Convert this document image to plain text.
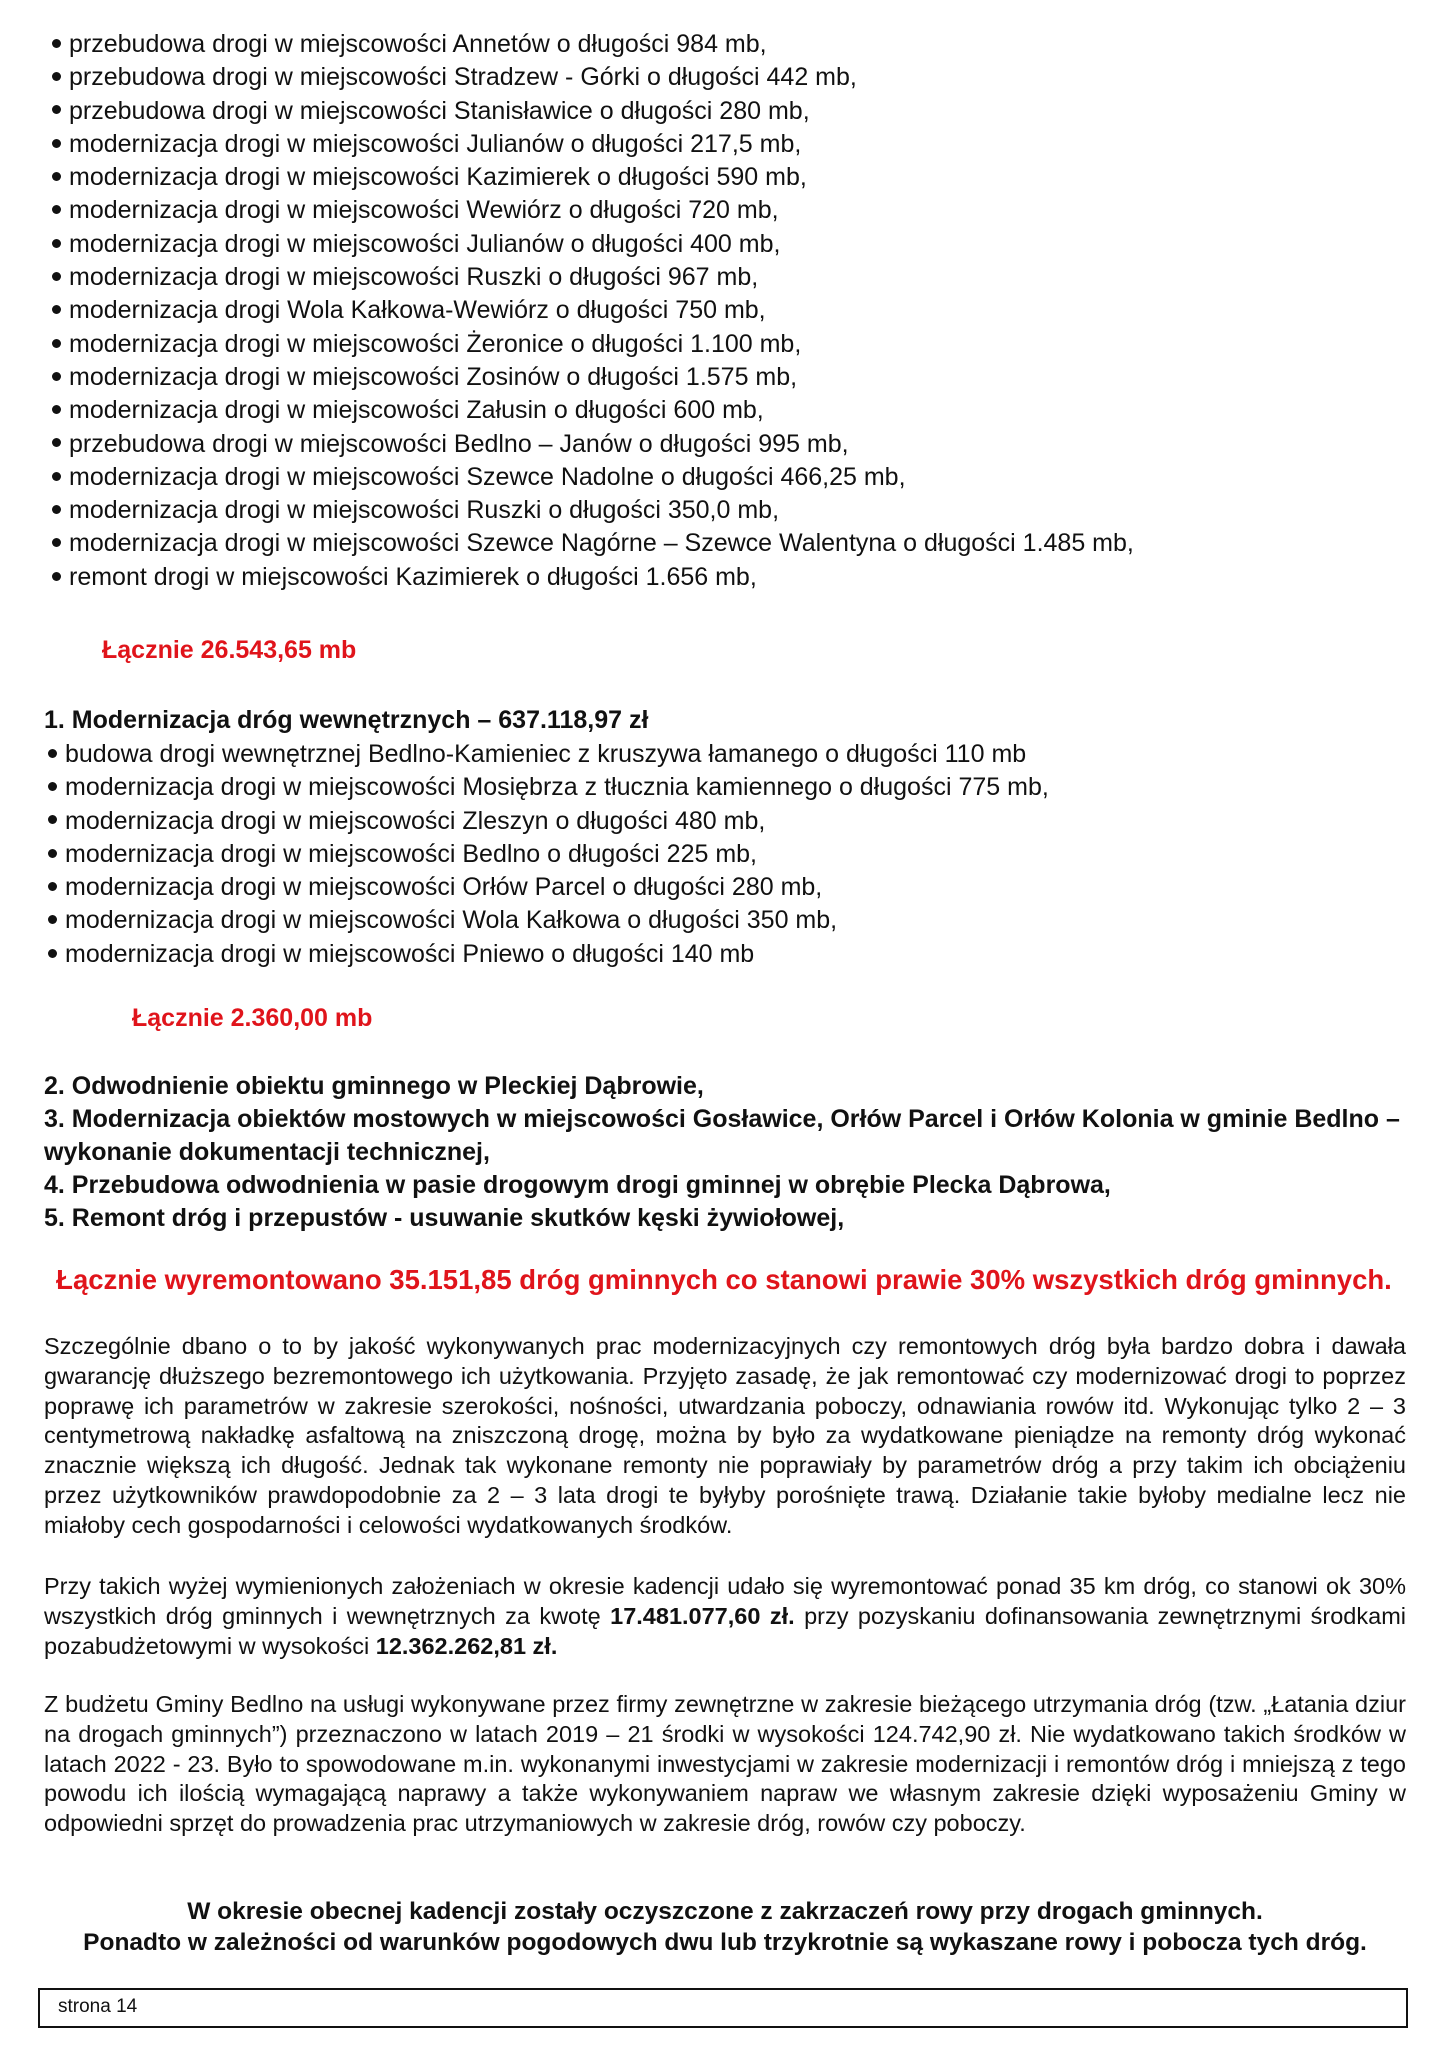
przebudowa drogi w miejscowości Annetów o długości 984 mb,
przebudowa drogi w miejscowości Stradzew - Górki o długości 442 mb,
przebudowa drogi w miejscowości Stanisławice o długości 280 mb,
modernizacja drogi w miejscowości Julianów o długości 217,5 mb,
modernizacja drogi w miejscowości Kazimierek o długości 590 mb,
modernizacja drogi w miejscowości Wewiórz o długości 720 mb,
modernizacja drogi w miejscowości Julianów o długości 400 mb,
modernizacja drogi w miejscowości Ruszki o długości 967 mb,
modernizacja drogi Wola Kałkowa-Wewiórz o długości 750 mb,
modernizacja drogi w miejscowości Żeronice o długości 1.100 mb,
modernizacja drogi w miejscowości Zosinów o długości 1.575 mb,
modernizacja drogi w miejscowości Załusin o długości 600 mb,
przebudowa drogi w miejscowości Bedlno – Janów o długości 995 mb,
modernizacja drogi w miejscowości Szewce Nadolne o długości 466,25 mb,
modernizacja drogi w miejscowości Ruszki o długości 350,0 mb,
modernizacja drogi w miejscowości Szewce Nagórne – Szewce Walentyna o długości 1.485 mb,
remont drogi w miejscowości Kazimierek o długości 1.656 mb,
Łącznie 26.543,65 mb
1. Modernizacja dróg wewnętrznych – 637.118,97 zł
budowa drogi wewnętrznej Bedlno-Kamieniec z kruszywa łamanego o długości 110 mb
modernizacja drogi w miejscowości Mosiębrza z tłucznia kamiennego o długości 775 mb,
modernizacja drogi w miejscowości Zleszyn o długości 480 mb,
modernizacja drogi w miejscowości Bedlno o długości 225 mb,
modernizacja drogi w miejscowości Orłów Parcel o długości 280 mb,
modernizacja drogi w miejscowości Wola Kałkowa o długości 350 mb,
modernizacja drogi w miejscowości Pniewo o długości 140 mb
Łącznie 2.360,00 mb
2. Odwodnienie obiektu gminnego w Pleckiej Dąbrowie,
3. Modernizacja obiektów mostowych w miejscowości Gosławice, Orłów Parcel i Orłów Kolonia w gminie Bedlno – wykonanie dokumentacji technicznej,
4. Przebudowa odwodnienia w pasie drogowym drogi gminnej w obrębie Plecka Dąbrowa,
5. Remont dróg i przepustów - usuwanie skutków kęski żywiołowej,
Łącznie wyremontowano 35.151,85 dróg gminnych co stanowi prawie 30% wszystkich dróg gminnych.

Szczególnie dbano o to by jakość wykonywanych prac modernizacyjnych czy remontowych dróg była bardzo dobra i dawała gwarancję dłuższego bezremontowego ich użytkowania. Przyjęto zasadę, że jak remontować czy modernizować drogi to poprzez poprawę ich parametrów w zakresie szerokości, nośności, utwardzania poboczy, odnawiania rowów itd. Wykonując tylko 2 – 3 centymetrową nakładkę asfaltową na zniszczoną drogę, można by było za wydatkowane pieniądze na remonty dróg wykonać znacznie większą ich długość. Jednak tak wykonane remonty nie poprawiały by parametrów dróg a przy takim ich obciążeniu przez użytkowników prawdopodobnie za 2 – 3 lata drogi te byłyby porośnięte trawą. Działanie takie byłoby medialne lecz nie miałoby cech gospodarności i celowości wydatkowanych środków.

Przy takich wyżej wymienionych założeniach w okresie kadencji udało się wyremontować ponad 35 km dróg, co stanowi ok 30% wszystkich dróg gminnych i wewnętrznych za kwotę 17.481.077,60 zł. przy pozyskaniu dofinansowania zewnętrznymi środkami pozabudżetowymi w wysokości 12.362.262,81 zł.

Z budżetu Gminy Bedlno na usługi wykonywane przez firmy zewnętrzne w zakresie bieżącego utrzymania dróg (tzw. „Łatania dziur na drogach gminnych”) przeznaczono w latach 2019 – 21 środki w wysokości 124.742,90 zł. Nie wydatkowano takich środków w latach 2022 - 23. Było to spowodowane m.in. wykonanymi inwestycjami w zakresie modernizacji i remontów dróg i mniejszą z tego powodu ich ilością wymagającą naprawy a także wykonywaniem napraw we własnym zakresie dzięki wyposażeniu Gminy w odpowiedni sprzęt do prowadzenia prac utrzymaniowych w zakresie dróg, rowów czy poboczy.

W okresie obecnej kadencji zostały oczyszczone z zakrzaczeń rowy przy drogach gminnych.
Ponadto w zależności od warunków pogodowych dwu lub trzykrotnie są wykaszane rowy i pobocza tych dróg.
strona 14
